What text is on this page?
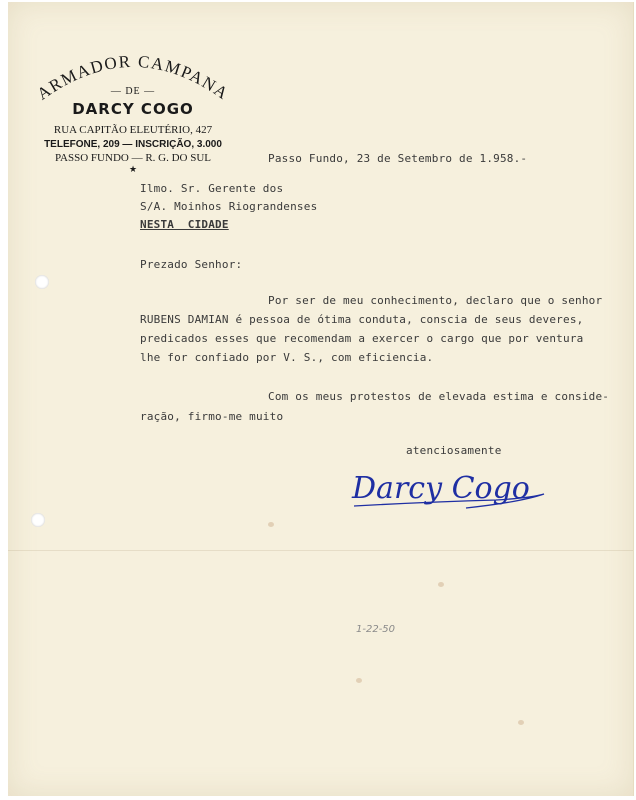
ARMADOR CAMPANA
— DE —
DARCY COGO
RUA CAPITÃO ELEUTÉRIO, 427
TELEFONE, 209 — INSCRIÇÃO, 3.000
PASSO FUNDO — R. G. DO SUL
★
Passo Fundo, 23 de Setembro de 1.958.-
Ilmo. Sr. Gerente dos
S/A. Moinhos Riograndenses
NESTA  CIDADE
Prezado Senhor:
Por ser de meu conhecimento, declaro que o senhor
RUBENS DAMIAN é pessoa de ótima conduta, conscia de seus deveres,
predicados esses que recomendam a exercer o cargo que por ventura
lhe for confiado por V. S., com eficiencia.
Com os meus protestos de elevada estima e conside-
ração, firmo-me muito
atenciosamente
Darcy Cogo
1-22-50
